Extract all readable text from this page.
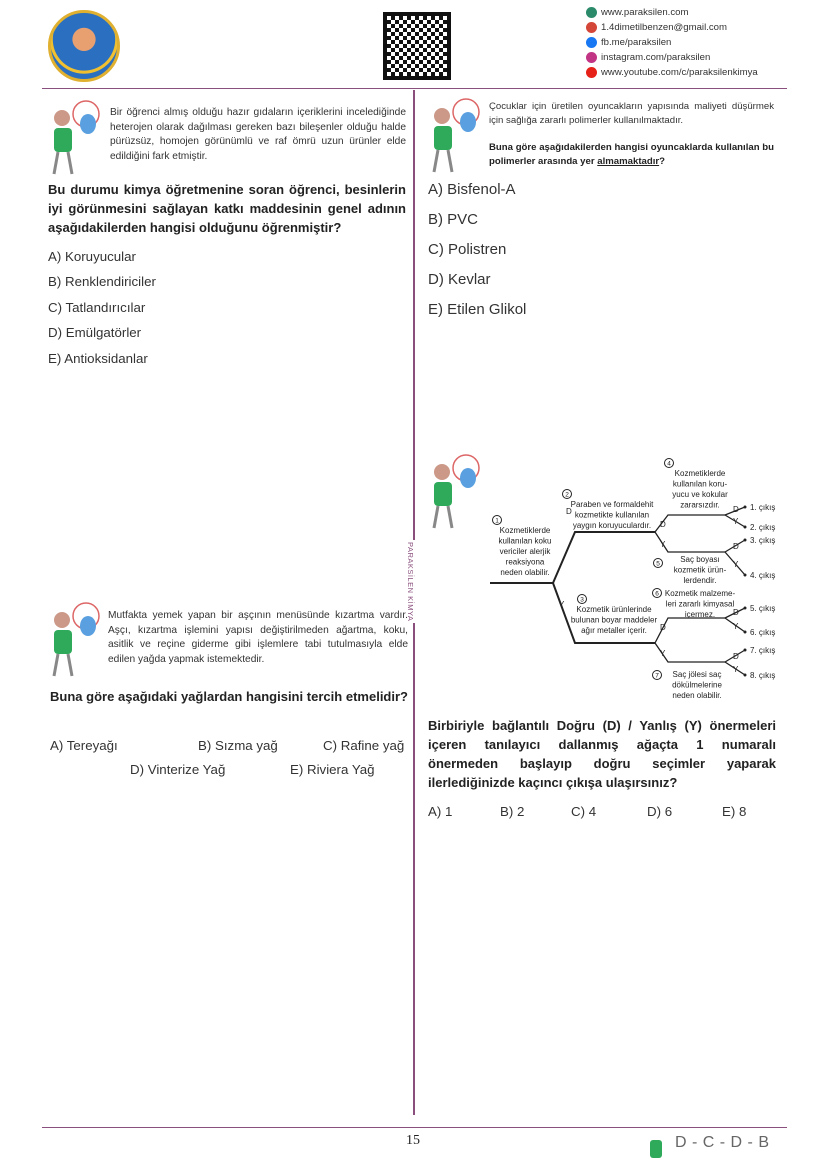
www.paraksilen.com
1.4dimetilbenzen@gmail.com
fb.me/paraksilen
instagram.com/paraksilen
www.youtube.com/c/paraksilenkimya
PARAKSİLEN KİMYA
Bir öğrenci almış olduğu hazır gıdaların içeriklerini incelediğinde heterojen olarak dağılması gereken bazı bileşenler olduğu halde pürüzsüz, homojen görünümlü ve raf ömrü uzun ürünler elde edildiğini fark etmiştir.
Bu durumu kimya öğretmenine soran öğrenci, besinlerin iyi görünmesini sağlayan katkı maddesinin genel adının aşağıdakilerden hangisi olduğunu öğrenmiştir?
A) Koruyucular
B) Renklendiriciler
C) Tatlandırıcılar
D) Emülgatörler
E) Antioksidanlar
Çocuklar için üretilen oyuncakların yapısında maliyeti düşürmek için sağlığa zararlı polimerler kullanılmaktadır.
Buna göre aşağıdakilerden hangisi oyuncaklarda kullanılan bu polimerler arasında yer almamaktadır?
A) Bisfenol-A
B) PVC
C) Polistren
D) Kevlar
E) Etilen Glikol
1
2
3
4
5
6
7
Kozmetiklerde
kullanılan koku
vericiler alerjik
reaksiyona
neden olabilir.
Paraben ve formaldehit
kozmetikte kullanılan
yaygın koruyuculardır.
Kozmetik ürünlerinde
bulunan boyar maddeler
ağır metaller içerir.
Kozmetiklerde
kullanılan koru-
yucu ve kokular
zararsızdır.
Saç boyası
kozmetik ürün-
lerdendir.
Kozmetik malzeme-
leri zararlı kimyasal
içermez.
Saç jölesi saç
dökülmelerine
neden olabilir.
D
Y
D
Y
D
Y
D
Y
D
Y
D
Y
D
Y
1. çıkış
2. çıkış
3. çıkış
4. çıkış
5. çıkış
6. çıkış
7. çıkış
8. çıkış
Birbiriyle bağlantılı Doğru (D) / Yanlış (Y) önermeleri içeren tanılayıcı dallanmış ağaçta 1 numaralı önermeden başlayıp doğru seçimler yaparak ilerlediğinizde kaçıncı çıkışa ulaşırsınız?
A) 1	B) 2	C) 4	D) 6	E) 8
Mutfakta yemek yapan bir aşçının menüsünde kızartma vardır. Aşçı, kızartma işlemini yapısı değiştirilmeden ağartma, koku, asitlik ve reçine giderme gibi işlemlere tabi tutulmasıyla elde edilen yağda yapmak istemektedir.
Buna göre aşağıdaki yağlardan hangisini tercih etmelidir?
A) Tereyağı	B) Sızma yağ	C) Rafine yağ
D) Vinterize Yağ	E) Riviera Yağ
15	D - C - D - B
